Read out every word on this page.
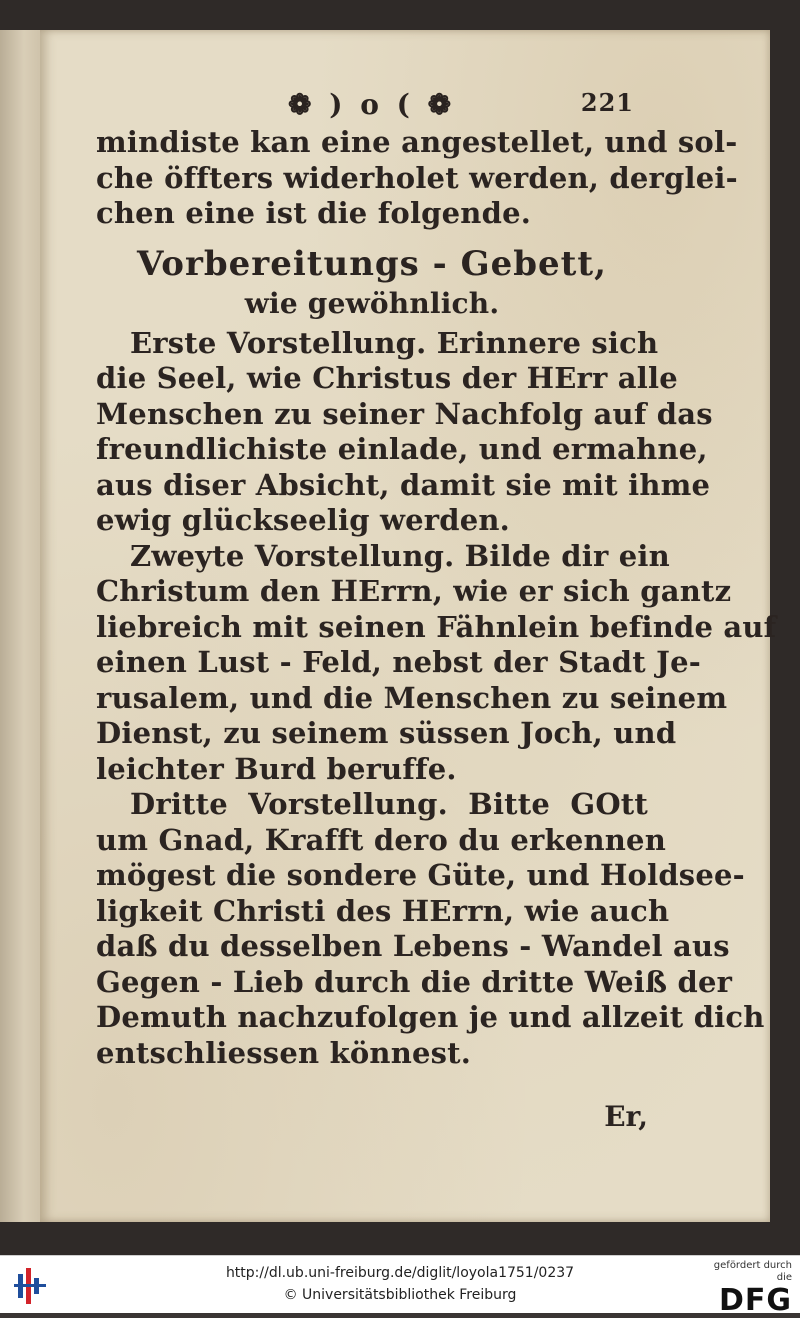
❁ ) o ( ❁	221
mindiste kan eine angestellet, und sol-
che öffters widerholet werden, derglei-
chen eine ist die folgende.
Vorbereitungs - Gebett,
wie gewöhnlich.
Erste Vorstellung. Erinnere sich
die Seel, wie Christus der HErr alle
Menschen zu seiner Nachfolg auf das
freundlichiste einlade, und ermahne,
aus diser Absicht, damit sie mit ihme
ewig glückseelig werden.
Zweyte Vorstellung. Bilde dir ein
Christum den HErrn, wie er sich gantz
liebreich mit seinen Fähnlein befinde auf
einen Lust - Feld, nebst der Stadt Je-
rusalem, und die Menschen zu seinem
Dienst, zu seinem süssen Joch, und
leichter Burd beruffe.
Dritte Vorstellung. Bitte GOtt
um Gnad, Krafft dero du erkennen
mögest die sondere Güte, und Holdsee-
ligkeit Christi des HErrn, wie auch
daß du desselben Lebens - Wandel aus
Gegen - Lieb durch die dritte Weiß der
Demuth nachzufolgen je und allzeit dich
entschliessen könnest.
Er,
http://dl.ub.uni-freiburg.de/diglit/loyola1751/0237
© Universitätsbibliothek Freiburg
gefördert durch die
DFG
